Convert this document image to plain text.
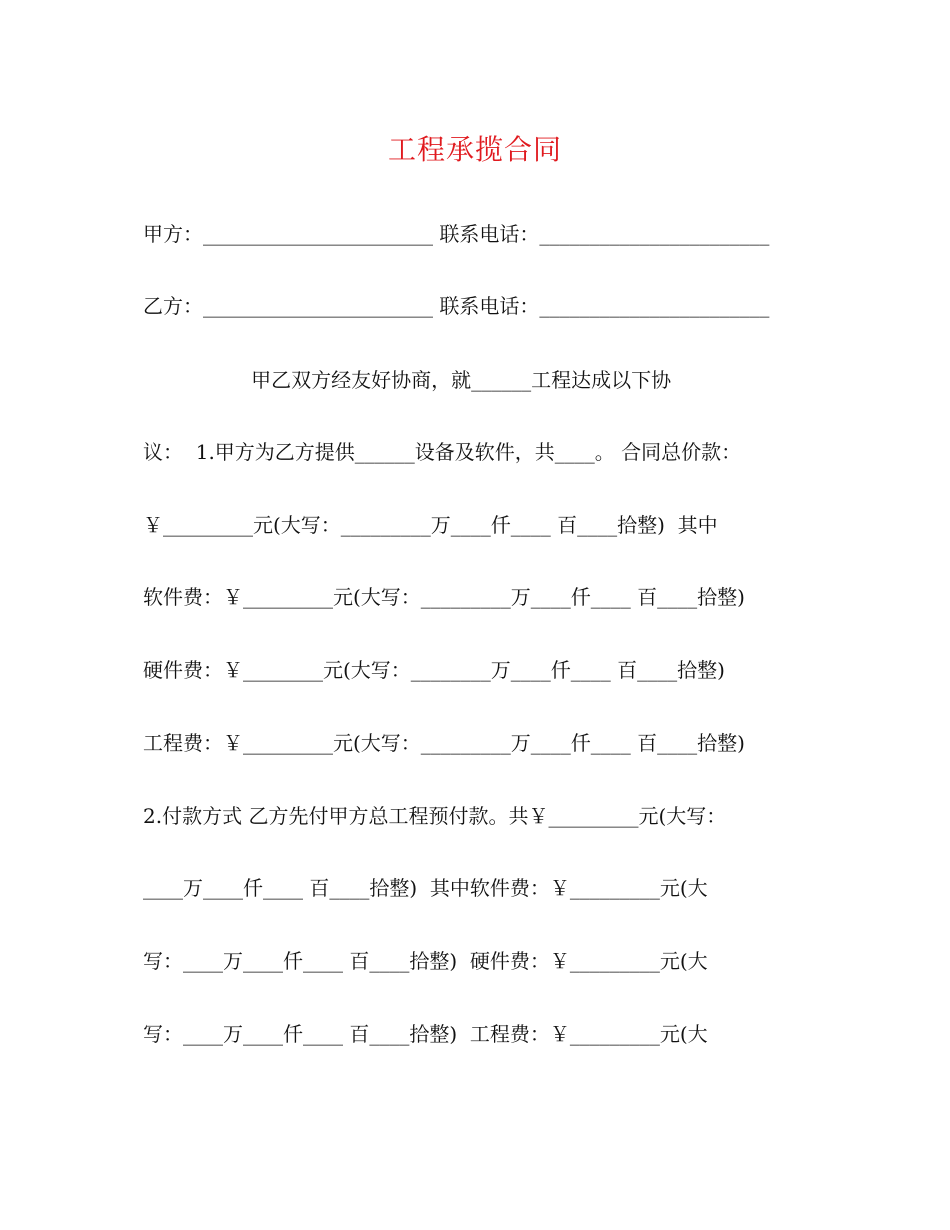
工程承揽合同
甲方：_______________________ 联系电话：_______________________
乙方：_______________________ 联系电话：_______________________
甲乙双方经友好协商，就______工程达成以下协
议：  1.甲方为乙方提供______设备及软件，共____。 合同总价款：
￥_________元(大写：_________万____仟____ 百____拾整)  其中
软件费：￥_________元(大写：_________万____仟____ 百____拾整)
硬件费：￥________元(大写：________万____仟____ 百____拾整)
工程费：￥_________元(大写：_________万____仟____ 百____拾整)
2.付款方式 乙方先付甲方总工程预付款。共￥_________元(大写：
____万____仟____ 百____拾整)  其中软件费：￥_________元(大
写：____万____仟____ 百____拾整)  硬件费：￥_________元(大
写：____万____仟____ 百____拾整)  工程费：￥_________元(大
